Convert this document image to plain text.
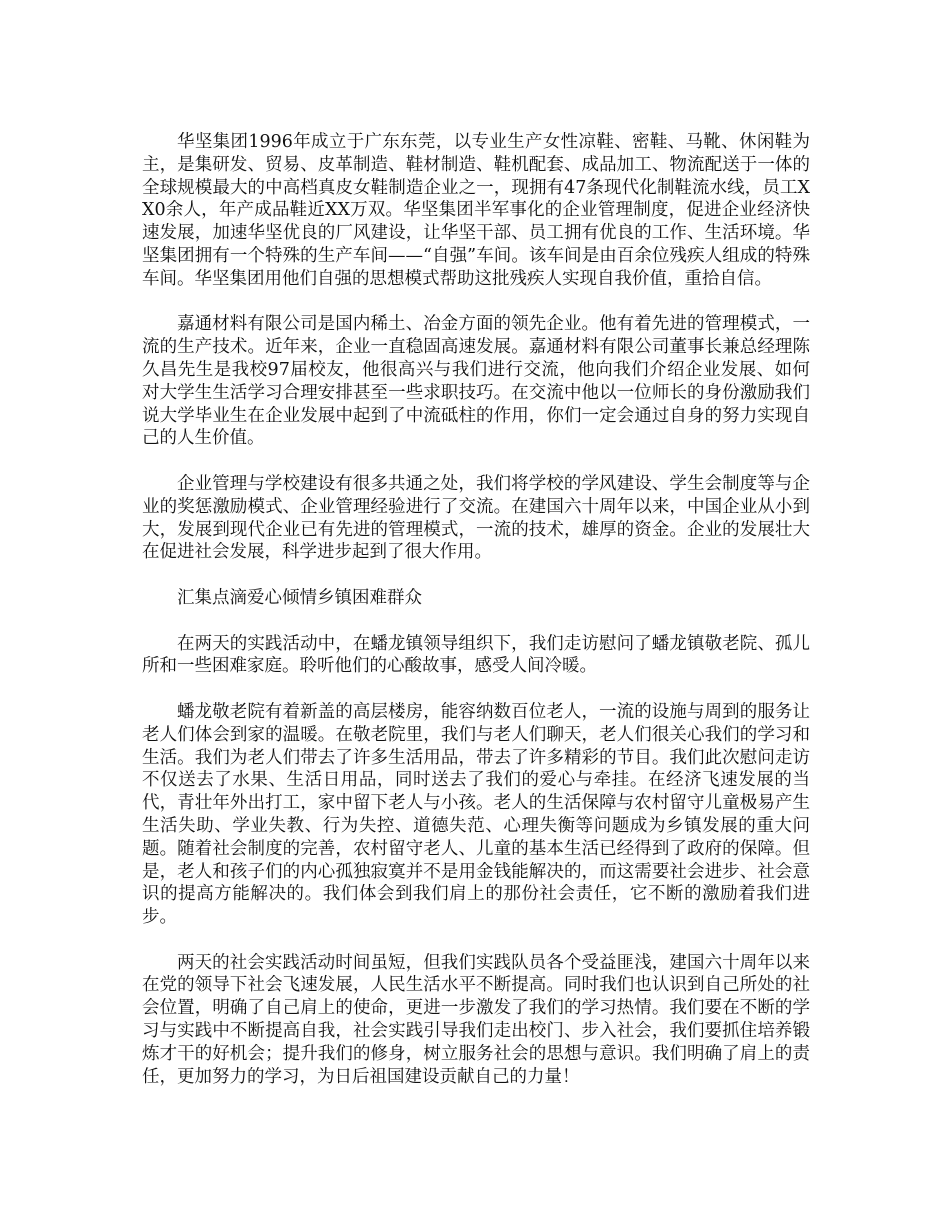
华坚集团1996年成立于广东东莞，以专业生产女性凉鞋、密鞋、马靴、休闲鞋为主，是集研发、贸易、皮革制造、鞋材制造、鞋机配套、成品加工、物流配送于一体的全球规模最大的中高档真皮女鞋制造企业之一，现拥有47条现代化制鞋流水线，员工XX0余人，年产成品鞋近XX万双。华坚集团半军事化的企业管理制度，促进企业经济快速发展，加速华坚优良的厂风建设，让华坚干部、员工拥有优良的工作、生活环境。华坚集团拥有一个特殊的生产车间——“自强”车间。该车间是由百余位残疾人组成的特殊车间。华坚集团用他们自强的思想模式帮助这批残疾人实现自我价值，重拾自信。

嘉通材料有限公司是国内稀土、冶金方面的领先企业。他有着先进的管理模式，一流的生产技术。近年来，企业一直稳固高速发展。嘉通材料有限公司董事长兼总经理陈久昌先生是我校97届校友，他很高兴与我们进行交流，他向我们介绍企业发展、如何对大学生生活学习合理安排甚至一些求职技巧。在交流中他以一位师长的身份激励我们说大学毕业生在企业发展中起到了中流砥柱的作用，你们一定会通过自身的努力实现自己的人生价值。

企业管理与学校建设有很多共通之处，我们将学校的学风建设、学生会制度等与企业的奖惩激励模式、企业管理经验进行了交流。在建国六十周年以来，中国企业从小到大，发展到现代企业已有先进的管理模式，一流的技术，雄厚的资金。企业的发展壮大在促进社会发展，科学进步起到了很大作用。

汇集点滴爱心倾情乡镇困难群众

在两天的实践活动中，在蟠龙镇领导组织下，我们走访慰问了蟠龙镇敬老院、孤儿所和一些困难家庭。聆听他们的心酸故事，感受人间冷暖。

蟠龙敬老院有着新盖的高层楼房，能容纳数百位老人，一流的设施与周到的服务让老人们体会到家的温暖。在敬老院里，我们与老人们聊天，老人们很关心我们的学习和生活。我们为老人们带去了许多生活用品，带去了许多精彩的节目。我们此次慰问走访不仅送去了水果、生活日用品，同时送去了我们的爱心与牵挂。在经济飞速发展的当代，青壮年外出打工，家中留下老人与小孩。老人的生活保障与农村留守儿童极易产生生活失助、学业失教、行为失控、道德失范、心理失衡等问题成为乡镇发展的重大问题。随着社会制度的完善，农村留守老人、儿童的基本生活已经得到了政府的保障。但是，老人和孩子们的内心孤独寂寞并不是用金钱能解决的，而这需要社会进步、社会意识的提高方能解决的。我们体会到我们肩上的那份社会责任，它不断的激励着我们进步。

两天的社会实践活动时间虽短，但我们实践队员各个受益匪浅，建国六十周年以来在党的领导下社会飞速发展，人民生活水平不断提高。同时我们也认识到自己所处的社会位置，明确了自己肩上的使命，更进一步激发了我们的学习热情。我们要在不断的学习与实践中不断提高自我，社会实践引导我们走出校门、步入社会，我们要抓住培养锻炼才干的好机会；提升我们的修身，树立服务社会的思想与意识。我们明确了肩上的责任，更加努力的学习，为日后祖国建设贡献自己的力量！
